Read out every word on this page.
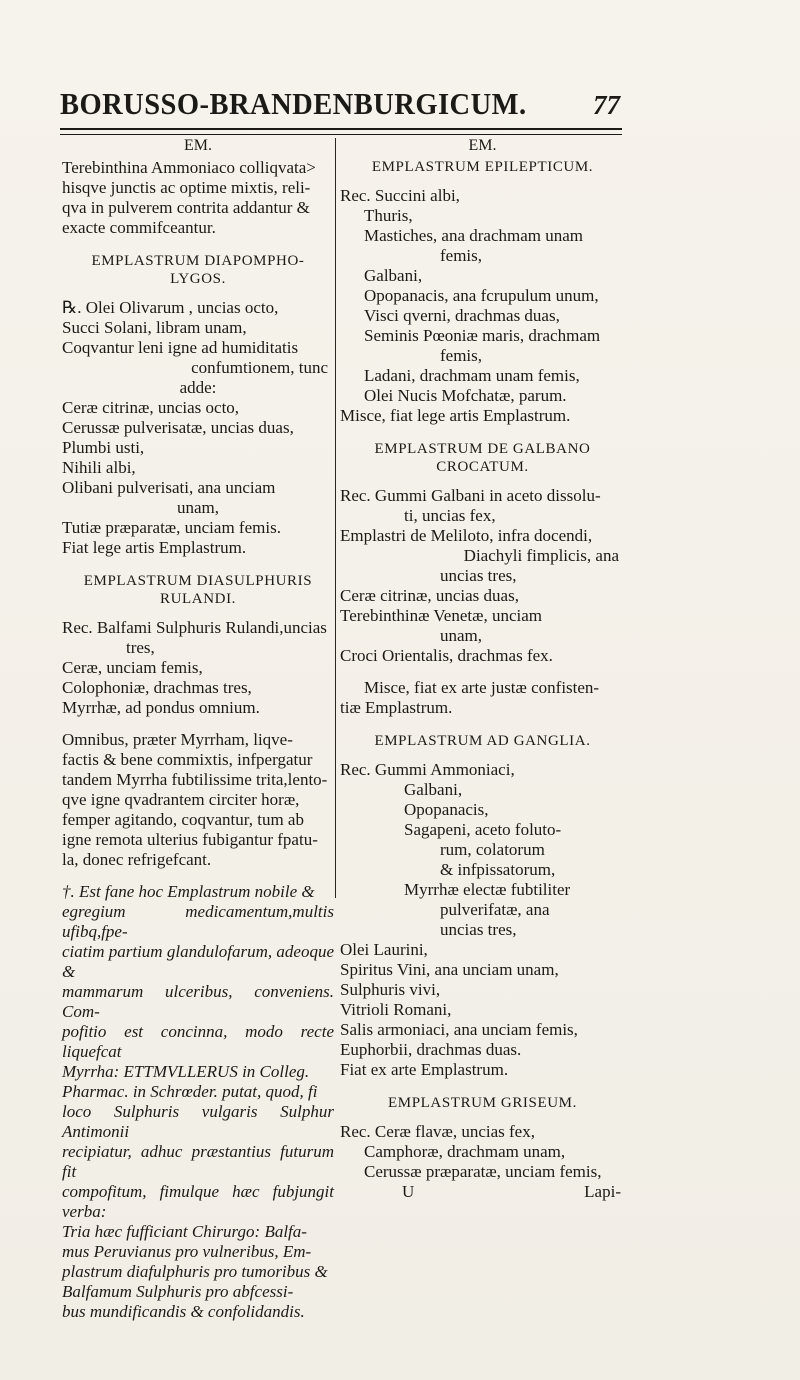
BORUSSO-BRANDENBURGICUM. 77
EM.

Terebinthina Ammoniaco colliqvata>

hisqve junctis ac optime mixtis, reli-

qva in pulverem contrita addantur &

exacte commifceantur.

EMPLASTRUM DIAPOMPHO-

LYGOS.

℞. Olei Olivarum , uncias octo,

Succi Solani, libram unam,

Coqvantur leni igne ad humiditatis

confumtionem, tunc

adde:

Ceræ citrinæ, uncias octo,

Cerussæ pulverisatæ, uncias duas,

Plumbi usti,

Nihili albi,

Olibani pulverisati, ana unciam

unam,

Tutiæ præparatæ, unciam femis.

Fiat lege artis Emplastrum.

EMPLASTRUM DIASULPHURIS

RULANDI.

Rec. Balfami Sulphuris Rulandi,uncias

tres,

Ceræ, unciam femis,

Colophoniæ, drachmas tres,

Myrrhæ, ad pondus omnium.

Omnibus, præter Myrrham, liqve-

factis & bene commixtis, infpergatur

tandem Myrrha fubtilissime trita,lento-

qve igne qvadrantem circiter horæ,

femper agitando, coqvantur, tum ab

igne remota ulterius fubigantur fpatu-

la, donec refrigefcant.

†. Est fane hoc Emplastrum nobile &

egregium medicamentum,multis ufibq,fpe-

ciatim partium glandulofarum, adeoque &

mammarum ulceribus, conveniens. Com-

pofitio est concinna, modo recte liquefcat

Myrrha: ETTMVLLERUS in Colleg.

Pharmac. in Schrœder. putat, quod, fi

loco Sulphuris vulgaris Sulphur Antimonii

recipiatur, adhuc præstantius futurum fit

compofitum, fimulque hæc fubjungit verba:

Tria hæc fufficiant Chirurgo: Balfa-

mus Peruvianus pro vulneribus, Em-

plastrum diafulphuris pro tumoribus &

Balfamum Sulphuris pro abfcessi-

bus mundificandis & confolidandis.

EM.

EMPLASTRUM EPILEPTICUM.

Rec. Succini albi,

Thuris,

Mastiches, ana drachmam unam

femis,

Galbani,

Opopanacis, ana fcrupulum unum,

Visci qverni, drachmas duas,

Seminis Pœoniæ maris, drachmam

femis,

Ladani, drachmam unam femis,

Olei Nucis Mofchatæ, parum.

Misce, fiat lege artis Emplastrum.

EMPLASTRUM DE GALBANO

CROCATUM.

Rec. Gummi Galbani in aceto dissolu-

ti, uncias fex,

Emplastri de Meliloto, infra docendi,

Diachyli fimplicis, ana

uncias tres,

Ceræ citrinæ, uncias duas,

Terebinthinæ Venetæ, unciam

unam,

Croci Orientalis, drachmas fex.

Misce, fiat ex arte justæ confisten-

tiæ Emplastrum.

EMPLASTRUM AD GANGLIA.

Rec. Gummi Ammoniaci,

Galbani,

Opopanacis,

Sagapeni, aceto foluto-

rum, colatorum

& infpissatorum,

Myrrhæ electæ fubtiliter

pulverifatæ, ana

uncias tres,

Olei Laurini,

Spiritus Vini, ana unciam unam,

Sulphuris vivi,

Vitrioli Romani,

Salis armoniaci, ana unciam femis,

Euphorbii, drachmas duas.

Fiat ex arte Emplastrum.

EMPLASTRUM GRISEUM.

Rec. Ceræ flavæ, uncias fex,

Camphoræ, drachmam unam,

Cerussæ præparatæ, unciam femis,

U	Lapi-
